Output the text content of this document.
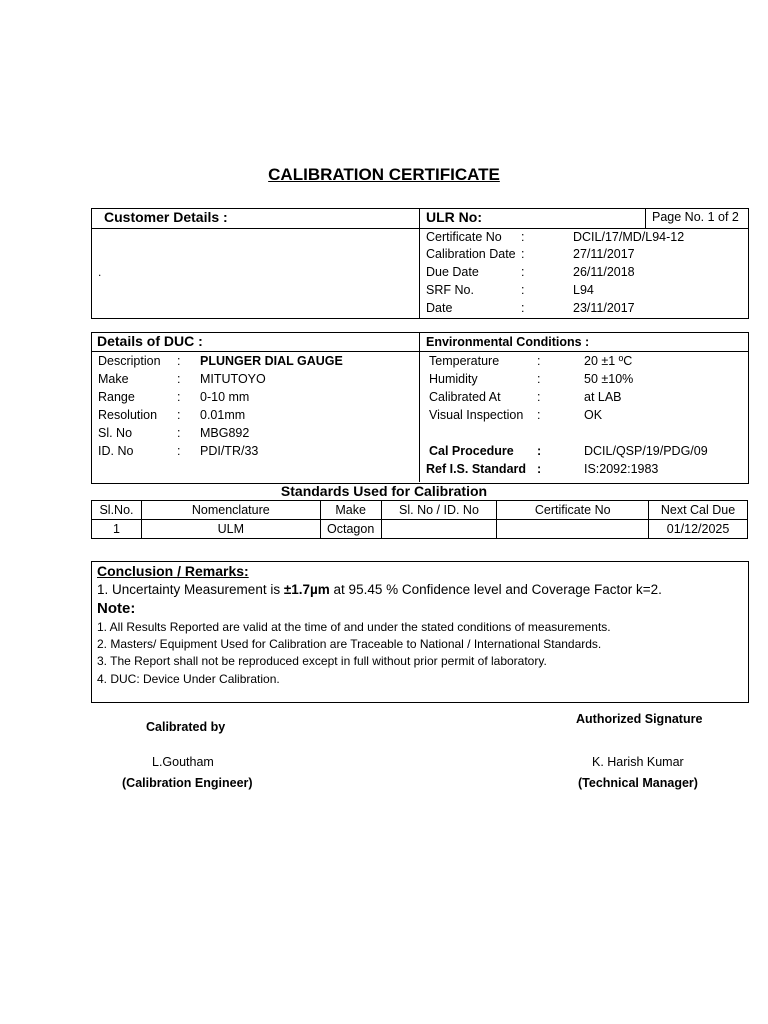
CALIBRATION CERTIFICATE
Customer Details :
.
ULR No:	Page No. 1 of 2
Certificate No :	DCIL/17/MD/L94-12
Calibration Date :	27/11/2017
Due Date	:	26/11/2018
SRF No.	:	L94
Date	:	23/11/2017
Details of DUC :	Environmental Conditions :
Description : PLUNGER DIAL GAUGE
Make	: MITUTOYO
Range	: 0-10 mm
Resolution : 0.01mm
Sl. No	: MBG892
ID. No	: PDI/TR/33
Temperature	:	20 ±1 ºC
Humidity	:	50 ±10%
Calibrated At	:	at LAB
Visual Inspection :	OK
Cal Procedure :	DCIL/QSP/19/PDG/09
Ref I.S. Standard :	IS:2092:1983
Standards Used for Calibration
Sl.No.	Nomenclature	Make	Sl. No / ID. No	Certificate No	Next Cal Due
1	ULM	Octagon			01/12/2025
Conclusion / Remarks:
1. Uncertainty Measurement is ±1.7µm at 95.45 % Confidence level and Coverage Factor k=2.
Note:
1. All Results Reported are valid at the time of and under the stated conditions of measurements.
2. Masters/ Equipment Used for Calibration are Traceable to National / International Standards.
3. The Report shall not be reproduced except in full without prior permit of laboratory.
4. DUC: Device Under Calibration.
Calibrated by
L.Goutham
(Calibration Engineer)
Authorized Signature
K. Harish Kumar
(Technical Manager)
